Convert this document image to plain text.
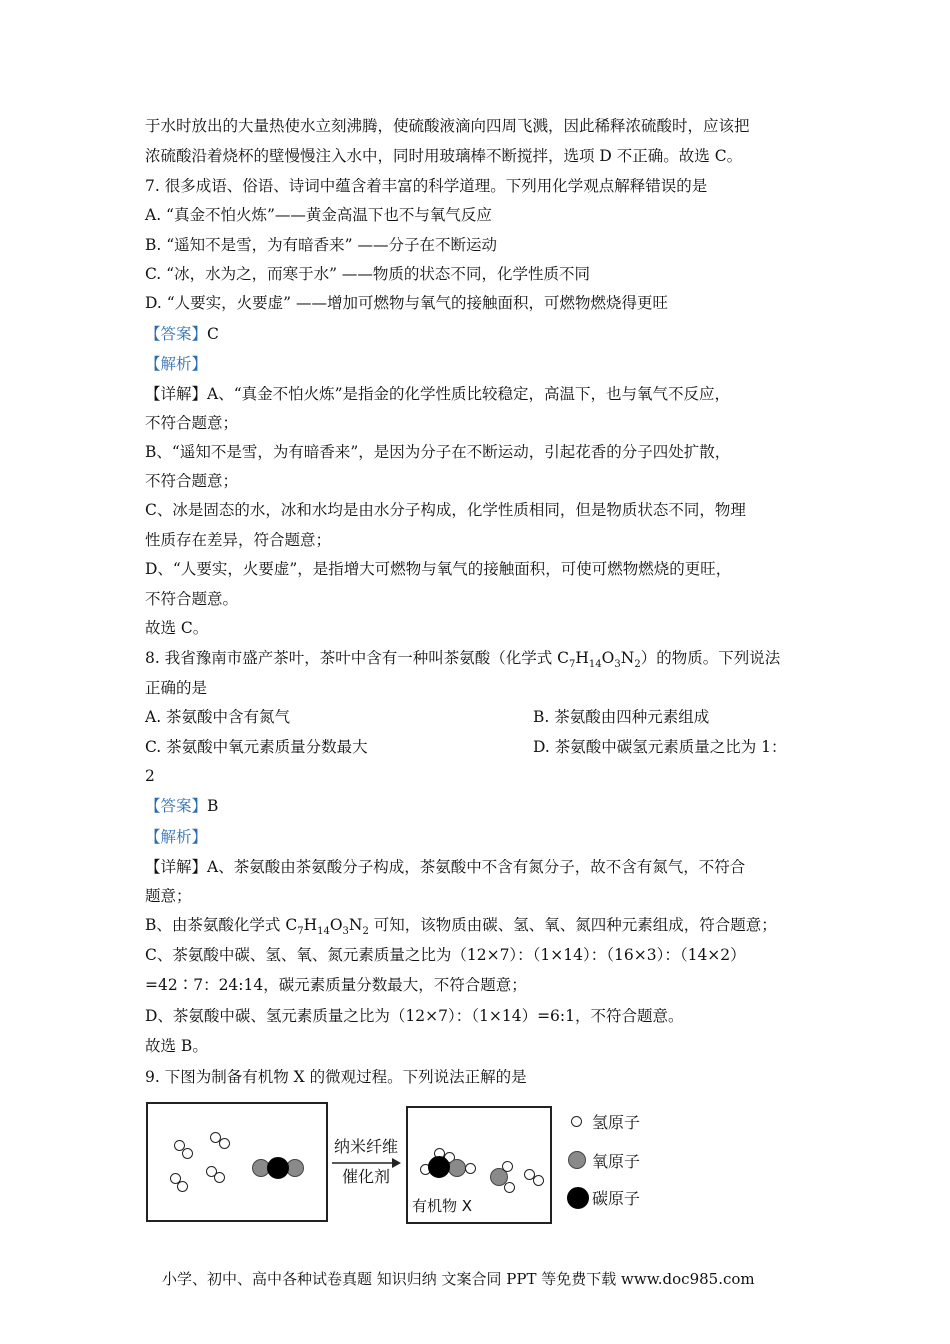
于水时放出的大量热使水立刻沸腾，使硫酸液滴向四周飞溅，因此稀释浓硫酸时，应该把
浓硫酸沿着烧杯的壁慢慢注入水中，同时用玻璃棒不断搅拌，选项 D 不正确。故选 C。
7. 很多成语、俗语、诗词中蕴含着丰富的科学道理。下列用化学观点解释错误的是
A. “真金不怕火炼”——黄金高温下也不与氧气反应
B. “遥知不是雪，为有暗香来” ——分子在不断运动
C. “冰，水为之，而寒于水” ——物质的状态不同，化学性质不同
D. “人要实，火要虚” ——增加可燃物与氧气的接触面积，可燃物燃烧得更旺
【答案】C
【解析】
【详解】A、“真金不怕火炼”是指金的化学性质比较稳定，高温下，也与氧气不反应，
不符合题意；
B、“遥知不是雪，为有暗香来”，是因为分子在不断运动，引起花香的分子四处扩散，
不符合题意；
C、冰是固态的水，冰和水均是由水分子构成，化学性质相同，但是物质状态不同，物理
性质存在差异，符合题意；
D、“人要实，火要虚”，是指增大可燃物与氧气的接触面积，可使可燃物燃烧的更旺，
不符合题意。
故选 C。
8. 我省豫南市盛产茶叶，茶叶中含有一种叫茶氨酸（化学式 $C_7H_{14}O_3N_2$）的物质。下列说法
正确的是
A. 茶氨酸中含有氮气	B. 茶氨酸由四种元素组成
C. 茶氨酸中氧元素质量分数最大	D. 茶氨酸中碳氢元素质量之比为 1：
2
【答案】B
【解析】
【详解】A、茶氨酸由茶氨酸分子构成，茶氨酸中不含有氮分子，故不含有氮气，不符合
题意；
B、由茶氨酸化学式 $C_7H_{14}O_3N_2$ 可知，该物质由碳、氢、氧、氮四种元素组成，符合题意；
C、茶氨酸中碳、氢、氧、氮元素质量之比为（12×7）：（1×14）：（16×3）：（14×2）
=42∶7：24:14，碳元素质量分数最大，不符合题意；
D、茶氨酸中碳、氢元素质量之比为（12×7）：（1×14）=6:1，不符合题意。
故选 B。
9. 下图为制备有机物 X 的微观过程。下列说法正解的是
纳米纤维
催化剂
有机物 X
氢原子
氧原子
碳原子
小学、初中、高中各种试卷真题 知识归纳 文案合同 PPT 等免费下载 www.doc985.com
